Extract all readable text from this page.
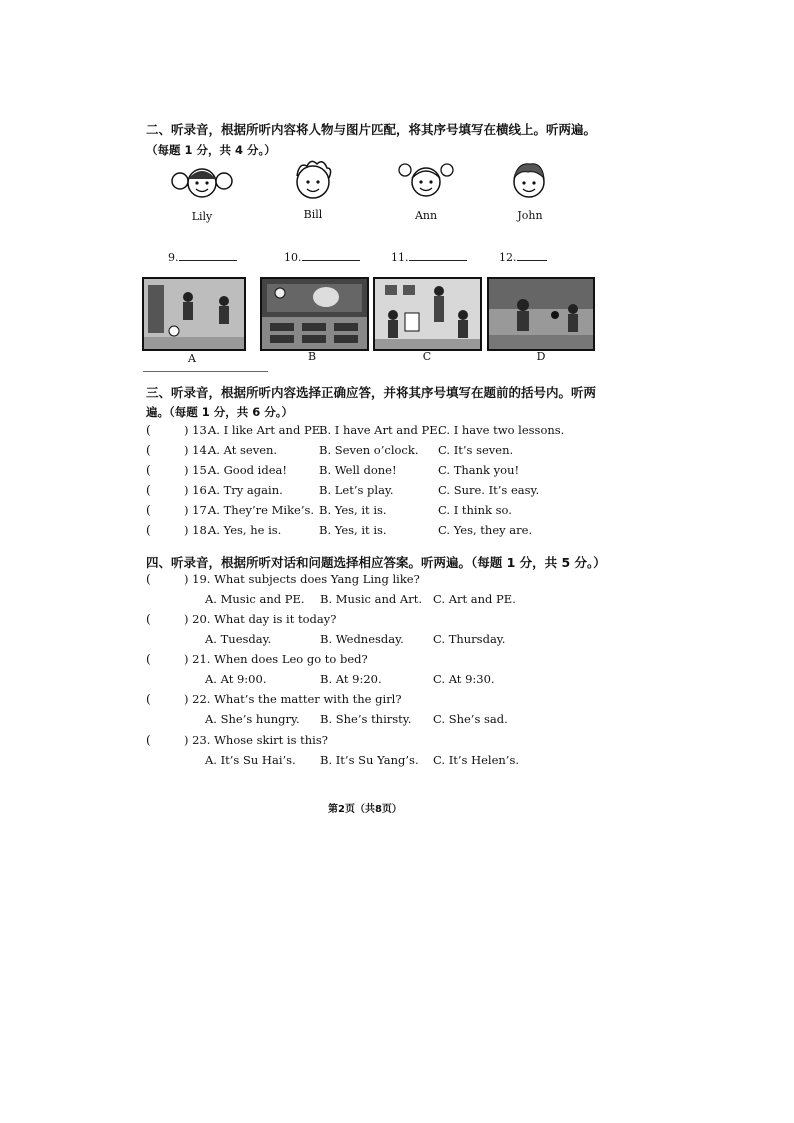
二、听录音，根据所听内容将人物与图片匹配，将其序号填写在横线上。听两遍。
（每题 1 分，共 4 分。）
Lily	Bill	Ann	John
9.	10.	11.	12.
A	B	C	D
三、听录音，根据所听内容选择正确应答，并将其序号填写在题前的括号内。听两
遍。（每题 1 分，共 6 分。）
(	) 13.
A. I like Art and PE.
B. I have Art and PE.
C. I have two lessons.
(	) 14.
A. At seven.	B. Seven o’clock. C. It’s seven.
(	) 15.
A. Good idea!	B. Well done!	C. Thank you!
(	) 16.
A. Try again.	B. Let’s play.	C. Sure. It’s easy.
(	) 17.
A. They’re Mike’s. B. Yes, it is.	C. I think so.
(	) 18.
A. Yes, he is.	B. Yes, it is.	C. Yes, they are.
四、听录音，根据所听对话和问题选择相应答案。听两遍。（每题 1 分，共 5 分。）
(	) 19. What subjects does Yang Ling like?
A. Music and PE. B. Music and Art. C. Art and PE.
(	) 20. What day is it today?
A. Tuesday.	B. Wednesday.	C. Thursday.
(	) 21. When does Leo go to bed?
A. At 9:00.	B. At 9:20.	C. At 9:30.
(	) 22. What’s the matter with the girl?
A. She’s hungry. B. She’s thirsty. C. She’s sad.
(	) 23. Whose skirt is this?
A. It’s Su Hai’s. B. It’s Su Yang’s. C. It’s Helen’s.
第2页（共8页）
